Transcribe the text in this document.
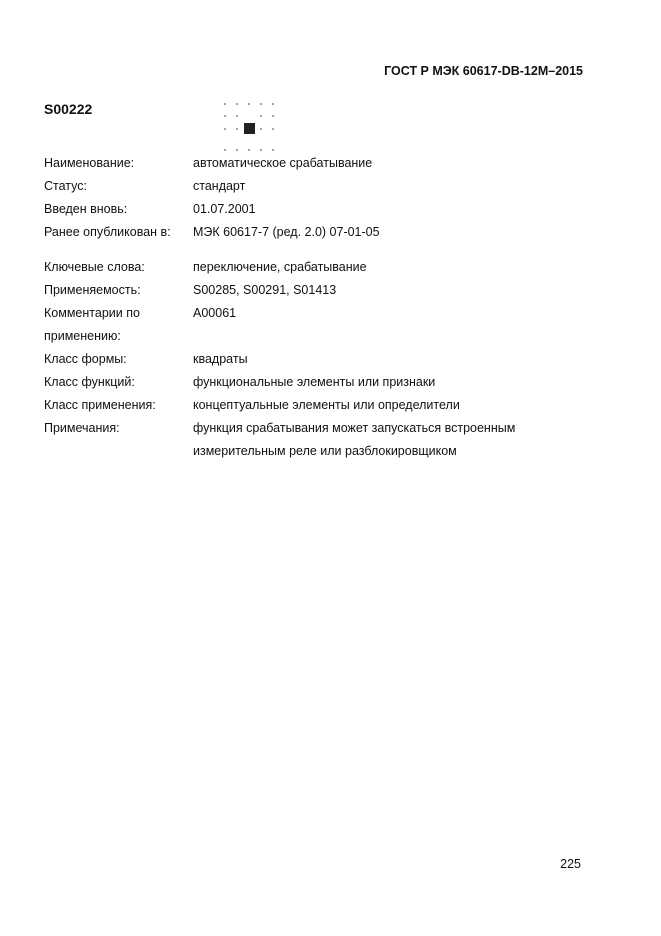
ГОСТ Р МЭК 60617-DB-12M–2015
S00222
Наименование:	автоматическое срабатывание
Статус:	стандарт
Введен вновь:	01.07.2001
Ранее опубликован в:	МЭК 60617-7 (ред. 2.0) 07-01-05
Ключевые слова:	переключение, срабатывание
Применяемость:	S00285, S00291, S01413
Комментарии по	A00061
применению:
Класс формы:	квадраты
Класс функций:	функциональные элементы или признаки
Класс применения:	концептуальные элементы или определители
Примечания:	функция срабатывания может запускаться встроенным
измерительным реле или разблокировщиком
225
